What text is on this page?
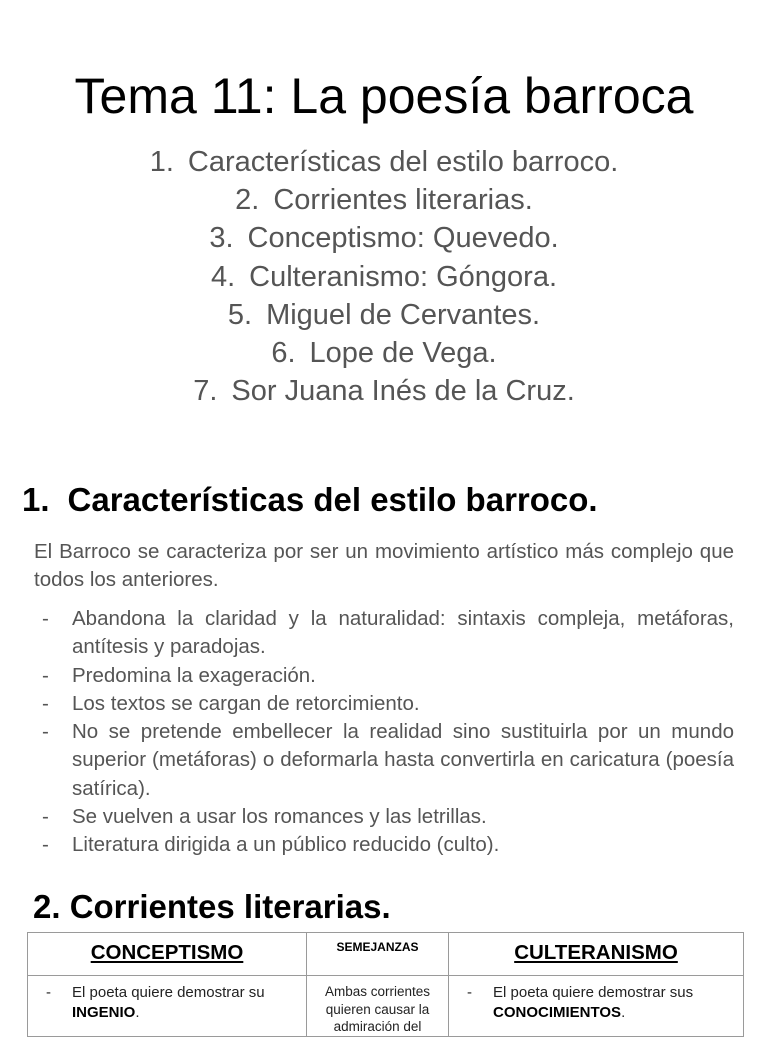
Tema 11: La poesía barroca
1. Características del estilo barroco.
2. Corrientes literarias.
3. Conceptismo: Quevedo.
4. Culteranismo: Góngora.
5. Miguel de Cervantes.
6. Lope de Vega.
7. Sor Juana Inés de la Cruz.
1. Características del estilo barroco.

El Barroco se caracteriza por ser un movimiento artístico más complejo que todos los anteriores.

- Abandona la claridad y la naturalidad: sintaxis compleja, metáforas, antítesis y paradojas.
- Predomina la exageración.
- Los textos se cargan de retorcimiento.
- No se pretende embellecer la realidad sino sustituirla por un mundo superior (metáforas) o deformarla hasta convertirla en caricatura (poesía satírica).
- Se vuelven a usar los romances y las letrillas.
- Literatura dirigida a un público reducido (culto).
2. Corrientes literarias.
CONCEPTISMO	SEMEJANZAS	CULTERANISMO

- El poeta quiere demostrar su INGENIO.	Ambas corrientes quieren causar la admiración del	- El poeta quiere demostrar sus CONOCIMIENTOS.
